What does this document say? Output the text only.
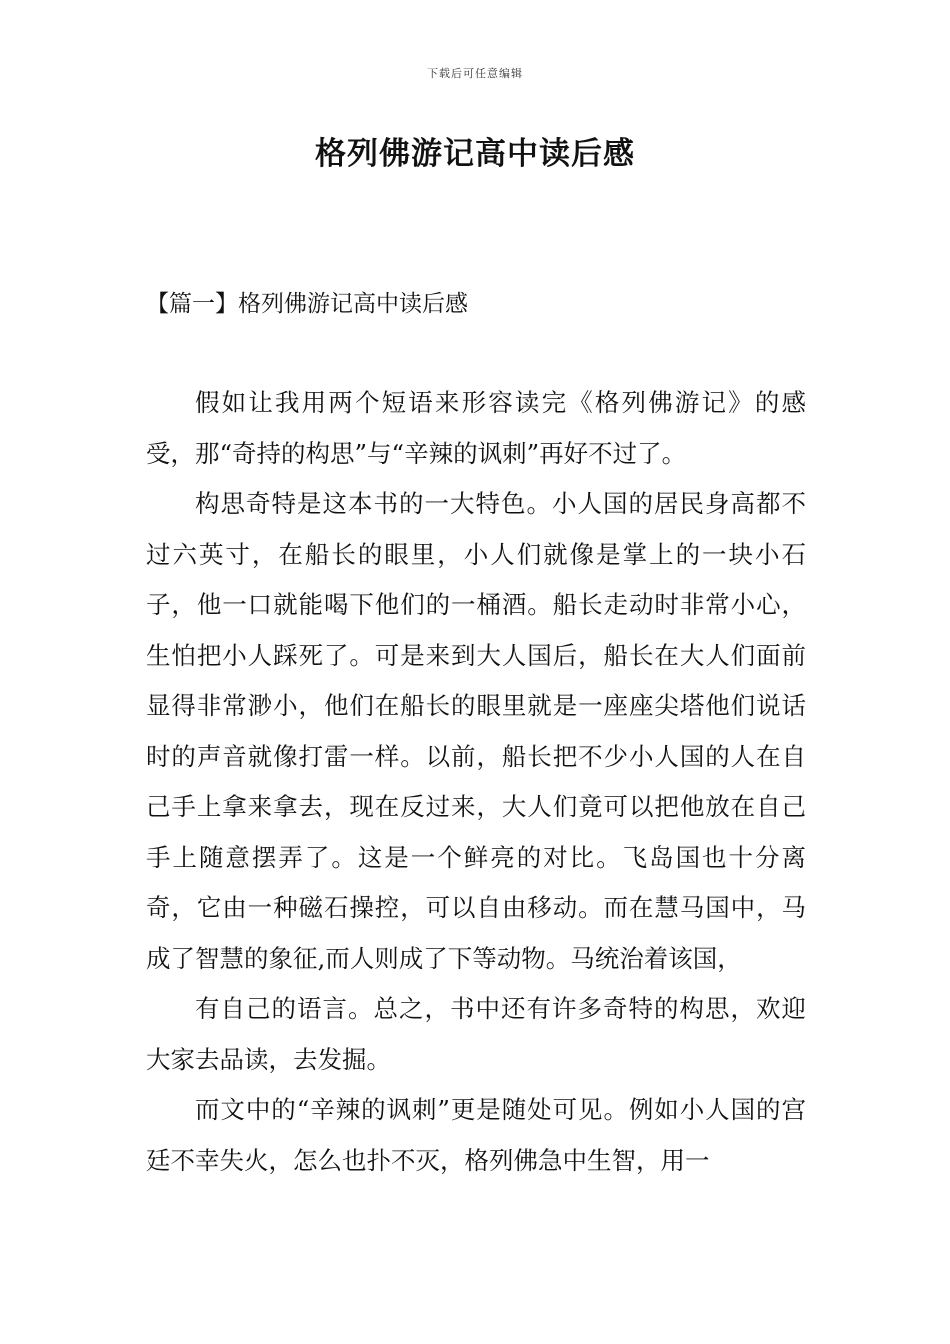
下载后可任意编辑
格列佛游记高中读后感
【篇一】格列佛游记高中读后感

假如让我用两个短语来形容读完《格列佛游记》的感受，那“奇持的构思”与“辛辣的讽刺”再好不过了。

构思奇特是这本书的一大特色。小人国的居民身高都不过六英寸，在船长的眼里，小人们就像是掌上的一块小石子，他一口就能喝下他们的一桶酒。船长走动时非常小心，生怕把小人踩死了。可是来到大人国后，船长在大人们面前显得非常渺小，他们在船长的眼里就是一座座尖塔他们说话时的声音就像打雷一样。以前，船长把不少小人国的人在自己手上拿来拿去，现在反过来，大人们竟可以把他放在自己手上随意摆弄了。这是一个鲜亮的对比。飞岛国也十分离奇，它由一种磁石操控，可以自由移动。而在慧马国中，马成了智慧的象征,而人则成了下等动物。马统治着该国，

有自己的语言。总之，书中还有许多奇特的构思，欢迎大家去品读，去发掘。

而文中的“辛辣的讽刺”更是随处可见。例如小人国的宫廷不幸失火，怎么也扑不灭，格列佛急中生智，用一
